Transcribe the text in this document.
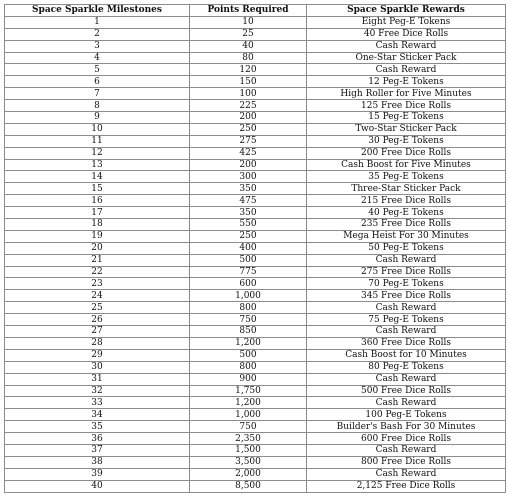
Space Sparkle Milestones	Points Required	Space Sparkle Rewards
1	10	Eight Peg-E Tokens
2	25	40 Free Dice Rolls
3	40	Cash Reward
4	80	One-Star Sticker Pack
5	120	Cash Reward
6	150	12 Peg-E Tokens
7	100	High Roller for Five Minutes
8	225	125 Free Dice Rolls
9	200	15 Peg-E Tokens
10	250	Two-Star Sticker Pack
11	275	30 Peg-E Tokens
12	425	200 Free Dice Rolls
13	200	Cash Boost for Five Minutes
14	300	35 Peg-E Tokens
15	350	Three-Star Sticker Pack
16	475	215 Free Dice Rolls
17	350	40 Peg-E Tokens
18	550	235 Free Dice Rolls
19	250	Mega Heist For 30 Minutes
20	400	50 Peg-E Tokens
21	500	Cash Reward
22	775	275 Free Dice Rolls
23	600	70 Peg-E Tokens
24	1,000	345 Free Dice Rolls
25	800	Cash Reward
26	750	75 Peg-E Tokens
27	850	Cash Reward
28	1,200	360 Free Dice Rolls
29	500	Cash Boost for 10 Minutes
30	800	80 Peg-E Tokens
31	900	Cash Reward
32	1,750	500 Free Dice Rolls
33	1,200	Cash Reward
34	1,000	100 Peg-E Tokens
35	750	Builder's Bash For 30 Minutes
36	2,350	600 Free Dice Rolls
37	1,500	Cash Reward
38	3,500	800 Free Dice Rolls
39	2,000	Cash Reward
40	8,500	2,125 Free Dice Rolls
